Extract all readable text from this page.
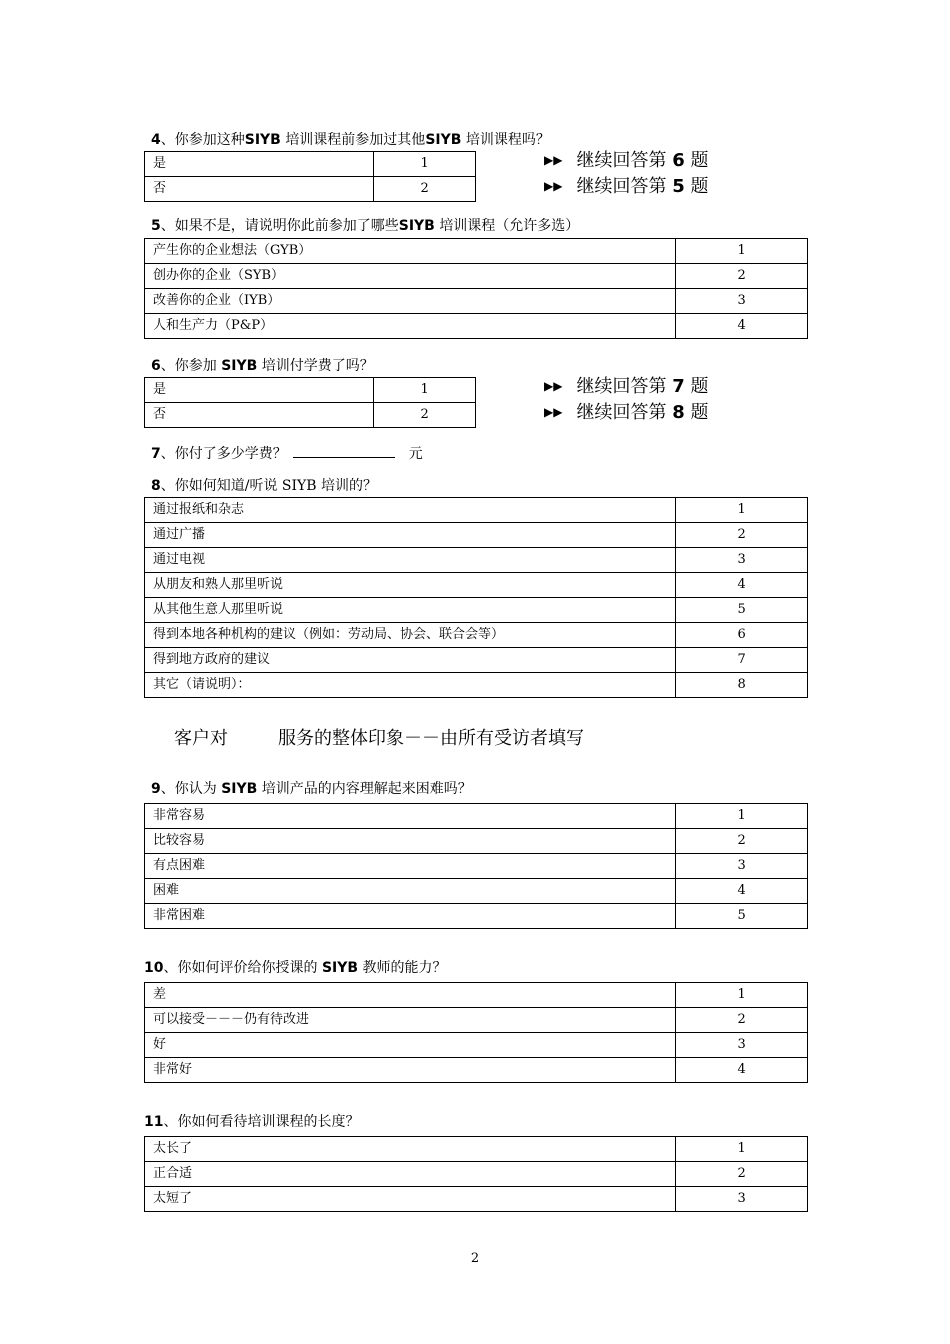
4、你参加这种SIYB 培训课程前参加过其他SIYB 培训课程吗？
是	1
否	2
▶▶ 继续回答第 6 题
▶▶ 继续回答第 5 题
5、如果不是，请说明你此前参加了哪些SIYB 培训课程（允许多选）
产生你的企业想法（GYB）	1
创办你的企业（SYB）	2
改善你的企业（IYB）	3
人和生产力（P&P）	4
6、你参加 SIYB 培训付学费了吗？
是	1
否	2
▶▶ 继续回答第 7 题
▶▶ 继续回答第 8 题
7、你付了多少学费？	元
8、你如何知道/听说 SIYB 培训的？
通过报纸和杂志	1
通过广播	2
通过电视	3
从朋友和熟人那里听说	4
从其他生意人那里听说	5
得到本地各种机构的建议（例如：劳动局、协会、联合会等）	6
得到地方政府的建议	7
其它（请说明）：	8
客户对	服务的整体印象－－由所有受访者填写
9、你认为 SIYB 培训产品的内容理解起来困难吗？
非常容易	1
比较容易	2
有点困难	3
困难	4
非常困难	5
10、你如何评价给你授课的 SIYB 教师的能力？
差	1
可以接受－－－仍有待改进	2
好	3
非常好	4
11、你如何看待培训课程的长度？
太长了	1
正合适	2
太短了	3
2
